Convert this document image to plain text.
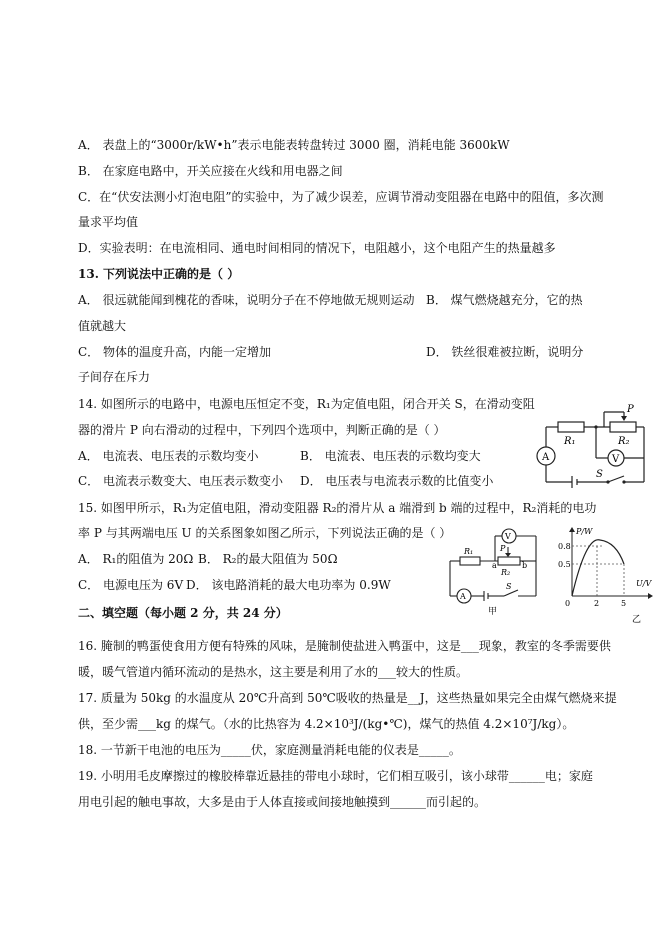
A． 表盘上的“3000r/kW•h”表示电能表转盘转过 3000 圈，消耗电能 3600kW
B． 在家庭电路中，开关应接在火线和用电器之间
C．在“伏安法测小灯泡电阻”的实验中，为了减少误差，应调节滑动变阻器在电路中的阻值，多次测
量求平均值
D．实验表明：在电流相同、通电时间相同的情况下，电阻越小，这个电阻产生的热量越多
13. 下列说法中正确的是（ ）
A． 很远就能闻到槐花的香味，说明分子在不停地做无规则运动 B． 煤气燃烧越充分，它的热
值就越大
C． 物体的温度升高，内能一定增加	D． 铁丝很难被拉断，说明分
子间存在斥力
14. 如图所示的电路中，电源电压恒定不变，R₁为定值电阻，闭合开关 S，在滑动变阻
器的滑片 P 向右滑动的过程中，下列四个选项中，判断正确的是（ ）
A． 电流表、电压表的示数均变小	B． 电流表、电压表的示数均变大
C． 电流表示数变大、电压表示数变小 D． 电压表与电流表示数的比值变小
15. 如图甲所示，R₁为定值电阻，滑动变阻器 R₂的滑片从 a 端滑到 b 端的过程中，R₂消耗的电功
率 P 与其两端电压 U 的关系图象如图乙所示，下列说法正确的是（ ）
A． R₁的阻值为 20Ω B． R₂的最大阻值为 50Ω
C． 电源电压为 6V D． 该电路消耗的最大电功率为 0.9W
二、填空题（每小题 2 分，共 24 分）
16. 腌制的鸭蛋使食用方便有特殊的风味，是腌制使盐进入鸭蛋中，这是___现象，教室的冬季需要供
暖，暖气管道内循环流动的是热水，这主要是利用了水的___较大的性质。
17. 质量为 50kg 的水温度从 20℃升高到 50℃吸收的热量是__J，这些热量如果完全由煤气燃烧来提
供，至少需___kg 的煤气。（水的比热容为 4.2×10³J/(kg•℃)，煤气的热值 4.2×10⁷J/kg）。
18. 一节新干电池的电压为_____伏，家庭测量消耗电能的仪表是_____。
19. 小明用毛皮摩擦过的橡胶棒靠近悬挂的带电小球时，它们相互吸引，该小球带______电；家庭
用电引起的触电事故，大多是由于人体直接或间接地触摸到______而引起的。
R₁	R₂
P
A	V
S
R₁
R₂
P
a	b
V
A
S
甲
P/W
U/V
0.8
0.5
2	5
0
乙
